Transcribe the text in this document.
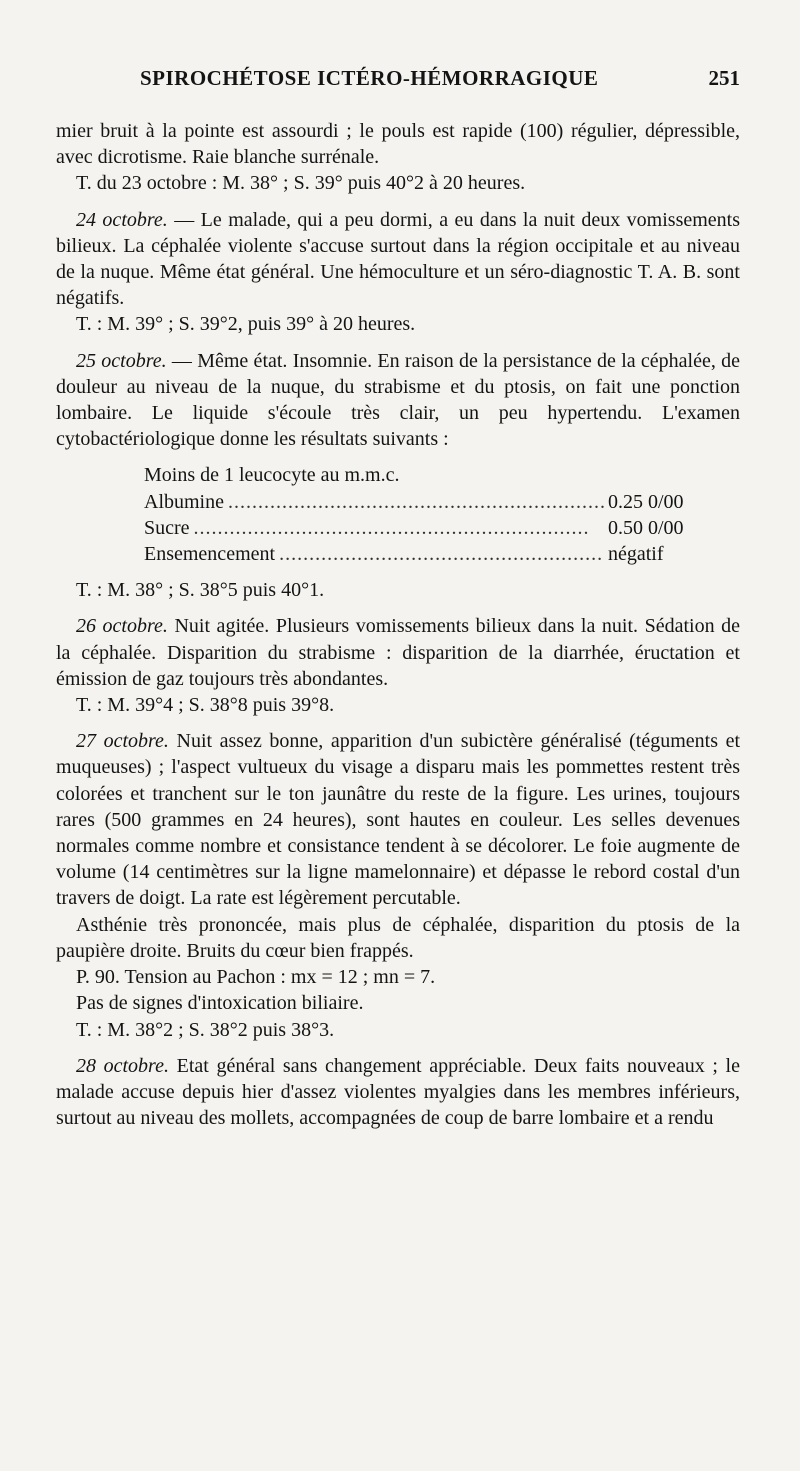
SPIROCHÉTOSE ICTÉRO-HÉMORRAGIQUE	251

mier bruit à la pointe est assourdi ; le pouls est rapide (100) régulier, dépressible, avec dicrotisme. Raie blanche surrénale.

T. du 23 octobre : M. 38° ; S. 39° puis 40°2 à 20 heures.

24 octobre. — Le malade, qui a peu dormi, a eu dans la nuit deux vomissements bilieux. La céphalée violente s'accuse surtout dans la région occipitale et au niveau de la nuque. Même état général. Une hémoculture et un séro-diagnostic T. A. B. sont négatifs.

T. : M. 39° ; S. 39°2, puis 39° à 20 heures.

25 octobre. — Même état. Insomnie. En raison de la persistance de la céphalée, de douleur au niveau de la nuque, du strabisme et du ptosis, on fait une ponction lombaire. Le liquide s'écoule très clair, un peu hypertendu. L'examen cytobactériologique donne les résultats suivants :

Moins de 1 leucocyte au m.m.c.
Albumine . . .	0.25 0/00
Sucre . . .	0.50 0/00
Ensemencement . . .	négatif

T. : M. 38° ; S. 38°5 puis 40°1.

26 octobre. Nuit agitée. Plusieurs vomissements bilieux dans la nuit. Sédation de la céphalée. Disparition du strabisme : disparition de la diarrhée, éructation et émission de gaz toujours très abondantes.

T. : M. 39°4 ; S. 38°8 puis 39°8.

27 octobre. Nuit assez bonne, apparition d'un subictère généralisé (téguments et muqueuses) ; l'aspect vultueux du visage a disparu mais les pommettes restent très colorées et tranchent sur le ton jaunâtre du reste de la figure. Les urines, toujours rares (500 grammes en 24 heures), sont hautes en couleur. Les selles devenues normales comme nombre et consistance tendent à se décolorer. Le foie augmente de volume (14 centimètres sur la ligne mamelonnaire) et dépasse le rebord costal d'un travers de doigt. La rate est légèrement percutable.

Asthénie très prononcée, mais plus de céphalée, disparition du ptosis de la paupière droite. Bruits du cœur bien frappés.

P. 90. Tension au Pachon : mx = 12 ; mn = 7.

Pas de signes d'intoxication biliaire.

T. : M. 38°2 ; S. 38°2 puis 38°3.

28 octobre. Etat général sans changement appréciable. Deux faits nouveaux ; le malade accuse depuis hier d'assez violentes myalgies dans les membres inférieurs, surtout au niveau des mollets, accompagnées de coup de barre lombaire et a rendu
